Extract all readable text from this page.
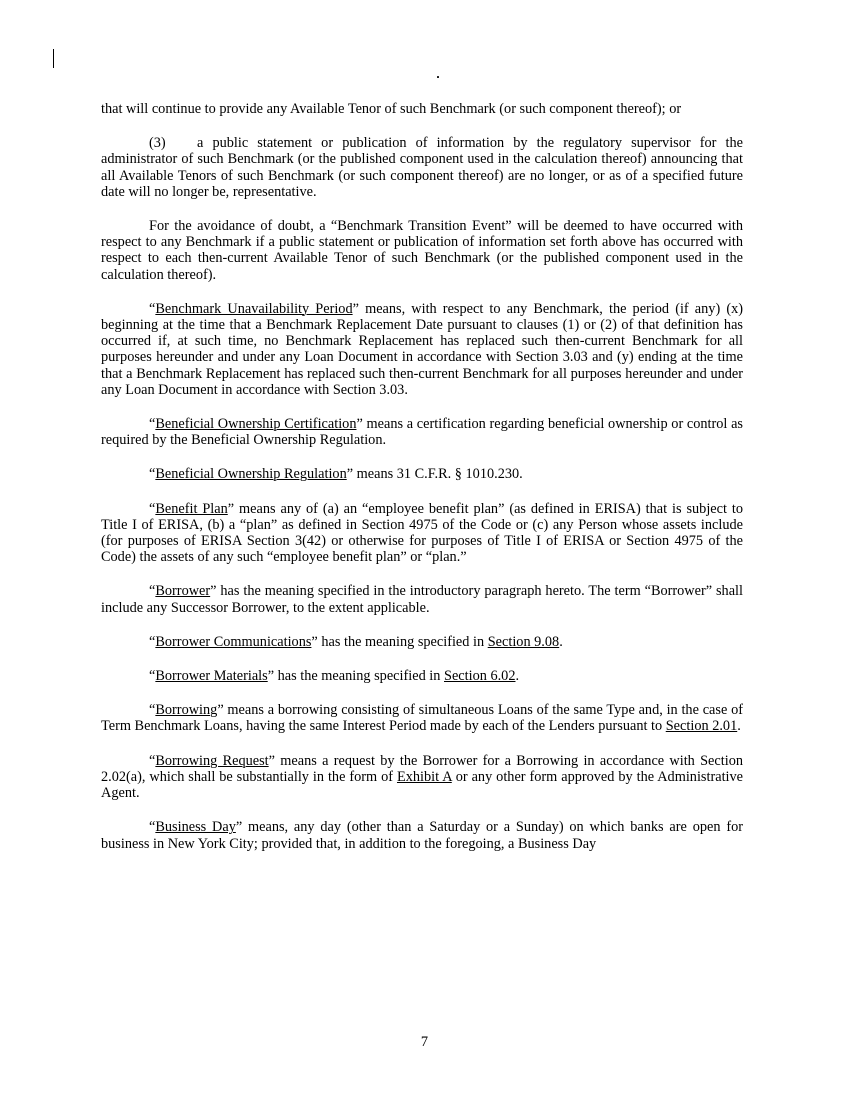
that will continue to provide any Available Tenor of such Benchmark (or such component thereof); or

(3) a public statement or publication of information by the regulatory supervisor for the administrator of such Benchmark (or the published component used in the calculation thereof) announcing that all Available Tenors of such Benchmark (or such component thereof) are no longer, or as of a specified future date will no longer be, representative.

For the avoidance of doubt, a “Benchmark Transition Event” will be deemed to have occurred with respect to any Benchmark if a public statement or publication of information set forth above has occurred with respect to each then-current Available Tenor of such Benchmark (or the published component used in the calculation thereof).

“Benchmark Unavailability Period” means, with respect to any Benchmark, the period (if any) (x) beginning at the time that a Benchmark Replacement Date pursuant to clauses (1) or (2) of that definition has occurred if, at such time, no Benchmark Replacement has replaced such then-current Benchmark for all purposes hereunder and under any Loan Document in accordance with Section 3.03 and (y) ending at the time that a Benchmark Replacement has replaced such then-current Benchmark for all purposes hereunder and under any Loan Document in accordance with Section 3.03.

“Beneficial Ownership Certification” means a certification regarding beneficial ownership or control as required by the Beneficial Ownership Regulation.

“Beneficial Ownership Regulation” means 31 C.F.R. § 1010.230.

“Benefit Plan” means any of (a) an “employee benefit plan” (as defined in ERISA) that is subject to Title I of ERISA, (b) a “plan” as defined in Section 4975 of the Code or (c) any Person whose assets include (for purposes of ERISA Section 3(42) or otherwise for purposes of Title I of ERISA or Section 4975 of the Code) the assets of any such “employee benefit plan” or “plan.”

“Borrower” has the meaning specified in the introductory paragraph hereto. The term “Borrower” shall include any Successor Borrower, to the extent applicable.

“Borrower Communications” has the meaning specified in Section 9.08.

“Borrower Materials” has the meaning specified in Section 6.02.

“Borrowing” means a borrowing consisting of simultaneous Loans of the same Type and, in the case of Term Benchmark Loans, having the same Interest Period made by each of the Lenders pursuant to Section 2.01.

“Borrowing Request” means a request by the Borrower for a Borrowing in accordance with Section 2.02(a), which shall be substantially in the form of Exhibit A or any other form approved by the Administrative Agent.

“Business Day” means, any day (other than a Saturday or a Sunday) on which banks are open for business in New York City; provided that, in addition to the foregoing, a Business Day

7
